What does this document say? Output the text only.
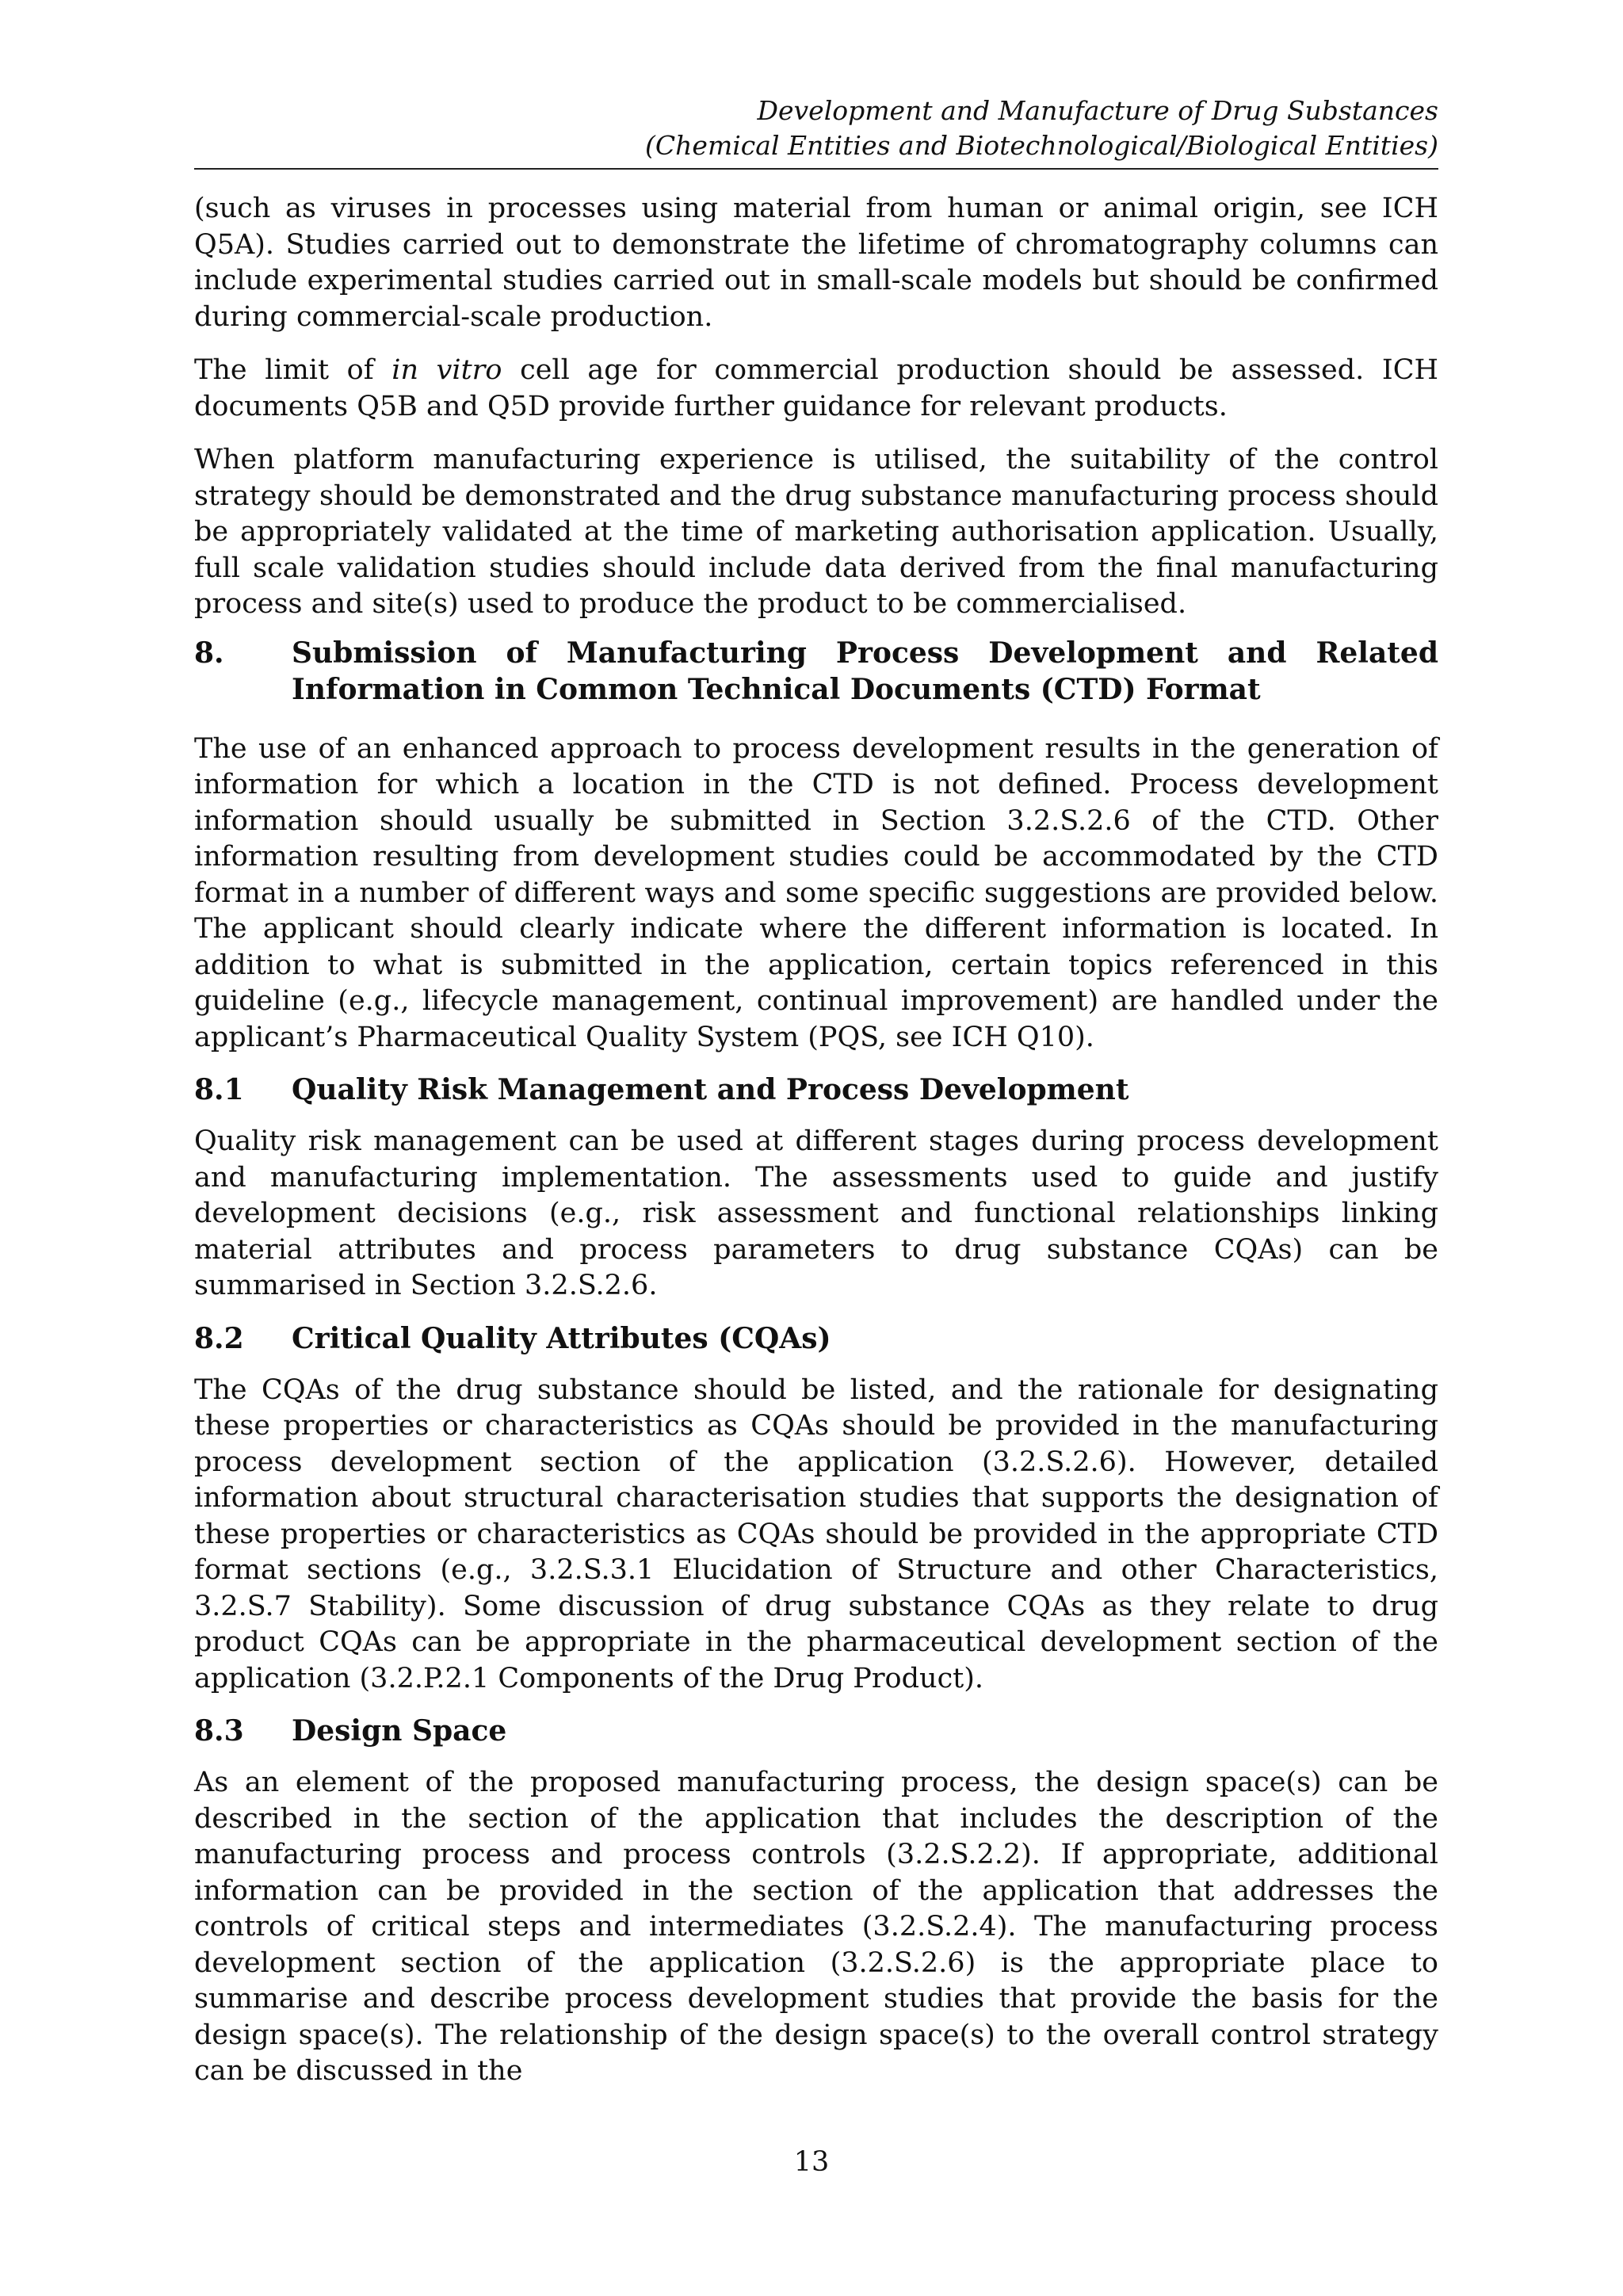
Development and Manufacture of Drug Substances
(Chemical Entities and Biotechnological/Biological Entities)

(such as viruses in processes using material from human or animal origin, see ICH Q5A). Studies carried out to demonstrate the lifetime of chromatography columns can include experimental studies carried out in small-scale models but should be confirmed during commercial-scale production.

The limit of in vitro cell age for commercial production should be assessed. ICH documents Q5B and Q5D provide further guidance for relevant products.

When platform manufacturing experience is utilised, the suitability of the control strategy should be demonstrated and the drug substance manufacturing process should be appropriately validated at the time of marketing authorisation application. Usually, full scale validation studies should include data derived from the final manufacturing process and site(s) used to produce the product to be commercialised.

8.	Submission of Manufacturing Process Development and Related Information in Common Technical Documents (CTD) Format

The use of an enhanced approach to process development results in the generation of information for which a location in the CTD is not defined. Process development information should usually be submitted in Section 3.2.S.2.6 of the CTD. Other information resulting from development studies could be accommodated by the CTD format in a number of different ways and some specific suggestions are provided below. The applicant should clearly indicate where the different information is located. In addition to what is submitted in the application, certain topics referenced in this guideline (e.g., lifecycle management, continual improvement) are handled under the applicant’s Pharmaceutical Quality System (PQS, see ICH Q10).

8.1	Quality Risk Management and Process Development

Quality risk management can be used at different stages during process development and manufacturing implementation. The assessments used to guide and justify development decisions (e.g., risk assessment and functional relationships linking material attributes and process parameters to drug substance CQAs) can be summarised in Section 3.2.S.2.6.

8.2	Critical Quality Attributes (CQAs)

The CQAs of the drug substance should be listed, and the rationale for designating these properties or characteristics as CQAs should be provided in the manufacturing process development section of the application (3.2.S.2.6). However, detailed information about structural characterisation studies that supports the designation of these properties or characteristics as CQAs should be provided in the appropriate CTD format sections (e.g., 3.2.S.3.1 Elucidation of Structure and other Characteristics, 3.2.S.7 Stability). Some discussion of drug substance CQAs as they relate to drug product CQAs can be appropriate in the pharmaceutical development section of the application (3.2.P.2.1 Components of the Drug Product).

8.3	Design Space

As an element of the proposed manufacturing process, the design space(s) can be described in the section of the application that includes the description of the manufacturing process and process controls (3.2.S.2.2). If appropriate, additional information can be provided in the section of the application that addresses the controls of critical steps and intermediates (3.2.S.2.4). The manufacturing process development section of the application (3.2.S.2.6) is the appropriate place to summarise and describe process development studies that provide the basis for the design space(s). The relationship of the design space(s) to the overall control strategy can be discussed in the

13
